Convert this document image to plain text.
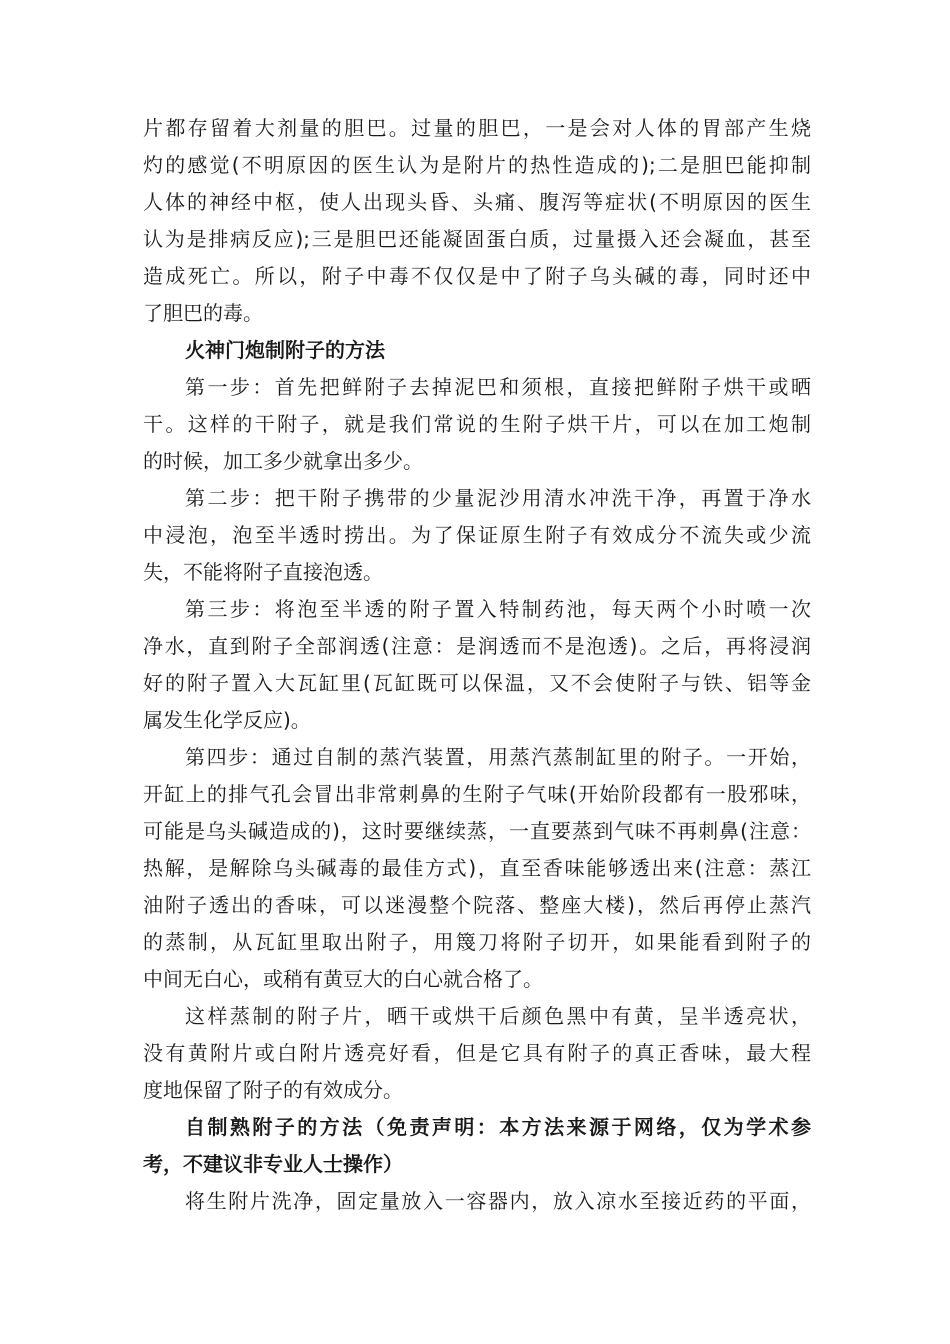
片都存留着大剂量的胆巴。过量的胆巴，一是会对人体的胃部产生烧
灼的感觉(不明原因的医生认为是附片的热性造成的);二是胆巴能抑制
人体的神经中枢，使人出现头昏、头痛、腹泻等症状(不明原因的医生
认为是排病反应);三是胆巴还能凝固蛋白质，过量摄入还会凝血，甚至
造成死亡。所以，附子中毒不仅仅是中了附子乌头碱的毒，同时还中
了胆巴的毒。
火神门炮制附子的方法
第一步：首先把鲜附子去掉泥巴和须根，直接把鲜附子烘干或晒
干。这样的干附子，就是我们常说的生附子烘干片，可以在加工炮制
的时候，加工多少就拿出多少。
第二步：把干附子携带的少量泥沙用清水冲洗干净，再置于净水
中浸泡，泡至半透时捞出。为了保证原生附子有效成分不流失或少流
失，不能将附子直接泡透。
第三步：将泡至半透的附子置入特制药池，每天两个小时喷一次
净水，直到附子全部润透(注意：是润透而不是泡透)。之后，再将浸润
好的附子置入大瓦缸里(瓦缸既可以保温，又不会使附子与铁、铝等金
属发生化学反应)。
第四步：通过自制的蒸汽装置，用蒸汽蒸制缸里的附子。一开始，
开缸上的排气孔会冒出非常刺鼻的生附子气味(开始阶段都有一股邪味，
可能是乌头碱造成的)，这时要继续蒸，一直要蒸到气味不再刺鼻(注意：
热解，是解除乌头碱毒的最佳方式)，直至香味能够透出来(注意：蒸江
油附子透出的香味，可以迷漫整个院落、整座大楼)，然后再停止蒸汽
的蒸制，从瓦缸里取出附子，用篾刀将附子切开，如果能看到附子的
中间无白心，或稍有黄豆大的白心就合格了。
这样蒸制的附子片，晒干或烘干后颜色黑中有黄，呈半透亮状，
没有黄附片或白附片透亮好看，但是它具有附子的真正香味，最大程
度地保留了附子的有效成分。
自制熟附子的方法（免责声明：本方法来源于网络，仅为学术参
考，不建议非专业人士操作）
将生附片洗净，固定量放入一容器内，放入凉水至接近药的平面，
